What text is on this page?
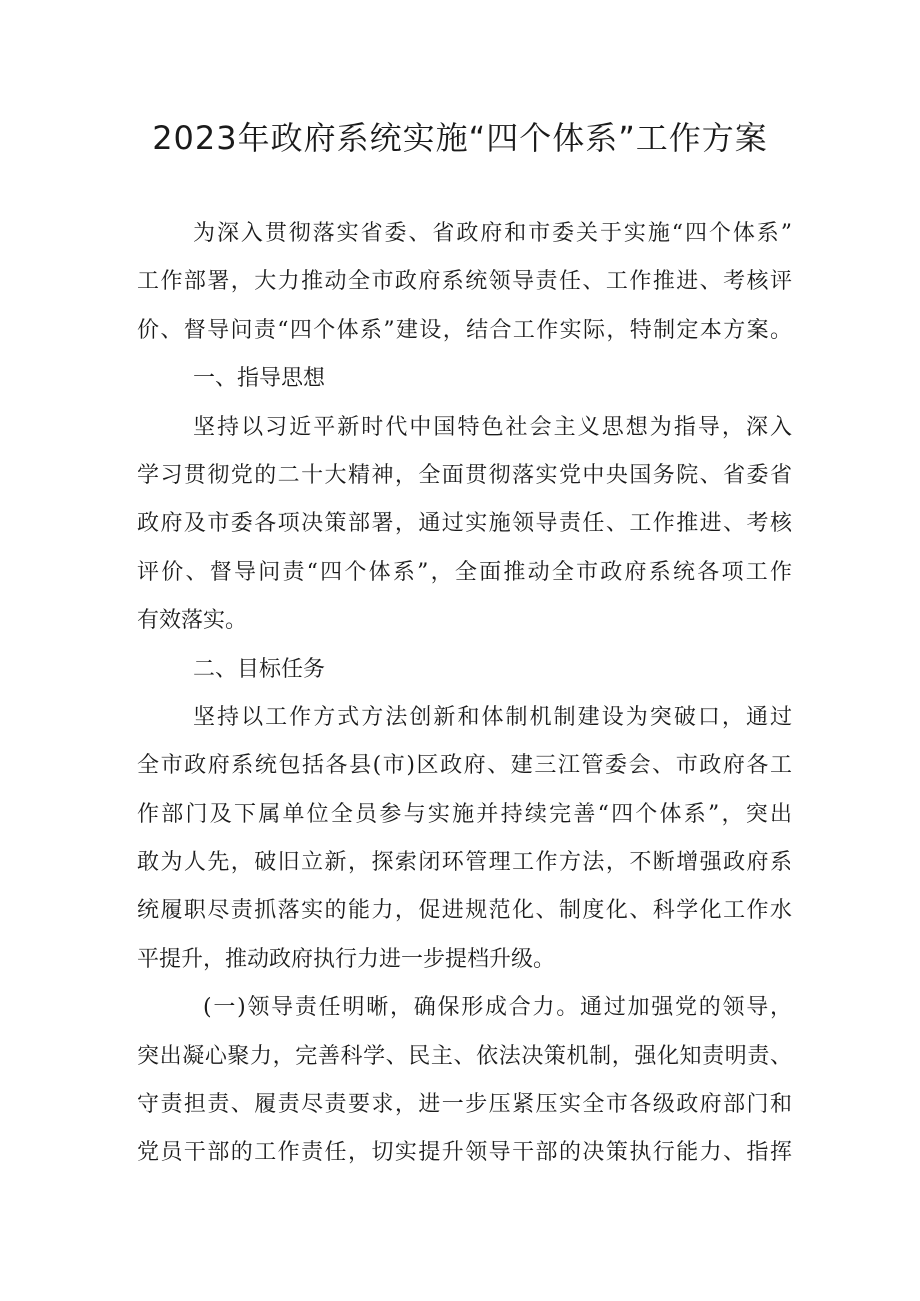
2023年政府系统实施“四个体系”工作方案
为深入贯彻落实省委、省政府和市委关于实施“四个体系”
工作部署，大力推动全市政府系统领导责任、工作推进、考核评
价、督导问责“四个体系”建设，结合工作实际，特制定本方案。
一、指导思想
坚持以习近平新时代中国特色社会主义思想为指导，深入
学习贯彻党的二十大精神，全面贯彻落实党中央国务院、省委省
政府及市委各项决策部署，通过实施领导责任、工作推进、考核
评价、督导问责“四个体系”，全面推动全市政府系统各项工作
有效落实。
二、目标任务
坚持以工作方式方法创新和体制机制建设为突破口，通过
全市政府系统包括各县(市)区政府、建三江管委会、市政府各工
作部门及下属单位全员参与实施并持续完善“四个体系”，突出
敢为人先，破旧立新，探索闭环管理工作方法，不断增强政府系
统履职尽责抓落实的能力，促进规范化、制度化、科学化工作水
平提升，推动政府执行力进一步提档升级。
(一)领导责任明晰，确保形成合力。通过加强党的领导，
突出凝心聚力，完善科学、民主、依法决策机制，强化知责明责、
守责担责、履责尽责要求，进一步压紧压实全市各级政府部门和
党员干部的工作责任，切实提升领导干部的决策执行能力、指挥
